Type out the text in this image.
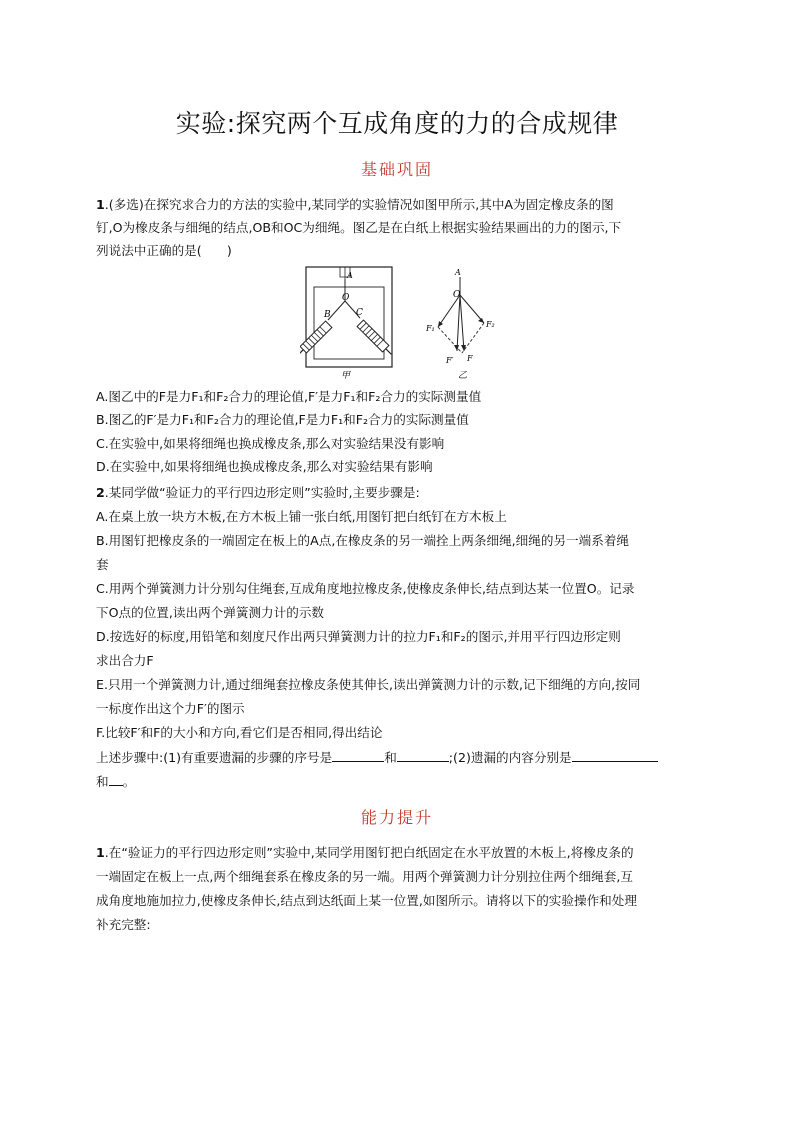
实验:探究两个互成角度的力的合成规律
基础巩固
1.(多选)在探究求合力的方法的实验中,某同学的实验情况如图甲所示,其中A为固定橡皮条的图
钉,O为橡皮条与细绳的结点,OB和OC为细绳。图乙是在白纸上根据实验结果画出的力的图示,下
列说法中正确的是(　　)
A
O
B	C
甲
A
O
F₁	F₂
F′ F
乙
A.图乙中的F是力F₁和F₂合力的理论值,F′是力F₁和F₂合力的实际测量值
B.图乙的F′是力F₁和F₂合力的理论值,F是力F₁和F₂合力的实际测量值
C.在实验中,如果将细绳也换成橡皮条,那么对实验结果没有影响
D.在实验中,如果将细绳也换成橡皮条,那么对实验结果有影响
2.某同学做“验证力的平行四边形定则”实验时,主要步骤是:
A.在桌上放一块方木板,在方木板上铺一张白纸,用图钉把白纸钉在方木板上
B.用图钉把橡皮条的一端固定在板上的A点,在橡皮条的另一端拴上两条细绳,细绳的另一端系着绳
套
C.用两个弹簧测力计分别勾住绳套,互成角度地拉橡皮条,使橡皮条伸长,结点到达某一位置O。记录
下O点的位置,读出两个弹簧测力计的示数
D.按选好的标度,用铅笔和刻度尺作出两只弹簧测力计的拉力F₁和F₂的图示,并用平行四边形定则
求出合力F
E.只用一个弹簧测力计,通过细绳套拉橡皮条使其伸长,读出弹簧测力计的示数,记下细绳的方向,按同
一标度作出这个力F′的图示
F.比较F′和F的大小和方向,看它们是否相同,得出结论
上述步骤中:(1)有重要遗漏的步骤的序号是	和	;(2)遗漏的内容分别是
和 。
能力提升
1.在“验证力的平行四边形定则”实验中,某同学用图钉把白纸固定在水平放置的木板上,将橡皮条的
一端固定在板上一点,两个细绳套系在橡皮条的另一端。用两个弹簧测力计分别拉住两个细绳套,互
成角度地施加拉力,使橡皮条伸长,结点到达纸面上某一位置,如图所示。请将以下的实验操作和处理
补充完整:
